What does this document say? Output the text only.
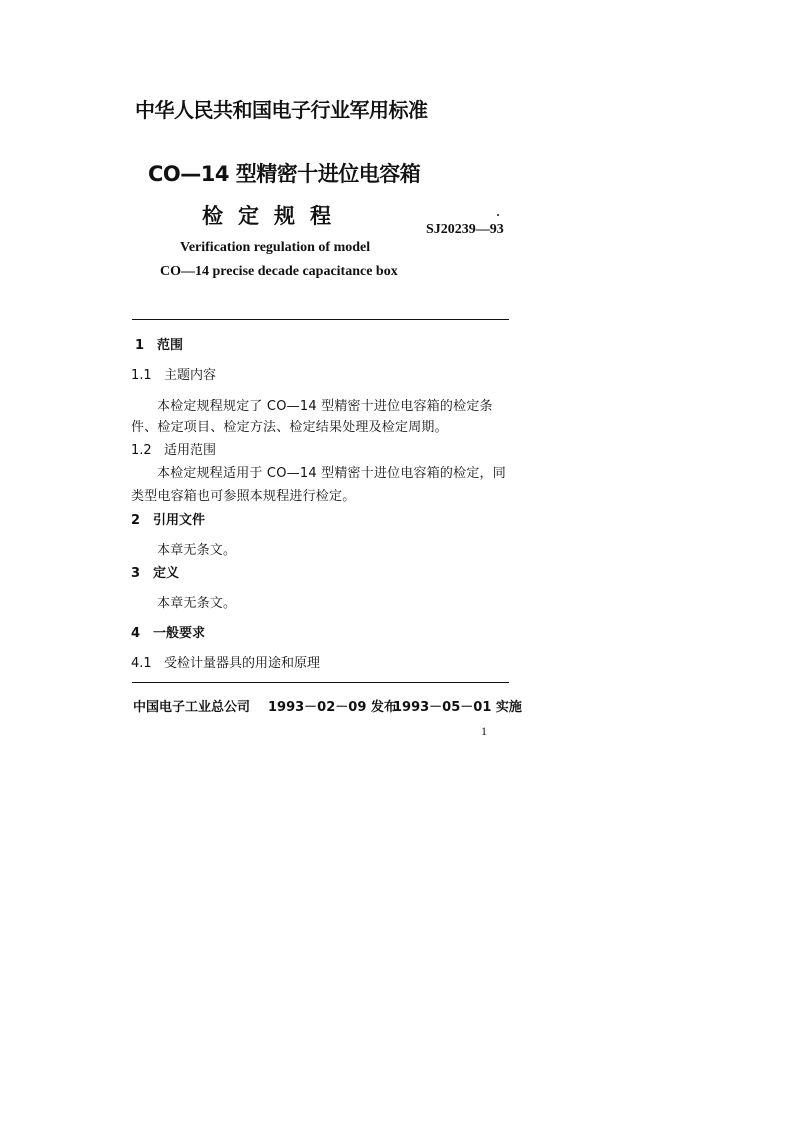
中华人民共和国电子行业军用标准
CO—14 型精密十进位电容箱
检定规程
SJ20239—93
Verification regulation of model
CO—14 precise decade capacitance box
1 范围
1.1 主题内容
本检定规程规定了 CO—14 型精密十进位电容箱的检定条
件、检定项目、检定方法、检定结果处理及检定周期。
1.2 适用范围
本检定规程适用于 CO—14 型精密十进位电容箱的检定，同
类型电容箱也可参照本规程进行检定。
2 引用文件
本章无条文。
3 定义
本章无条文。
4 一般要求
4.1 受检计量器具的用途和原理
中国电子工业总公司 1993－02－09 发布
1993－05－01 实施
1
